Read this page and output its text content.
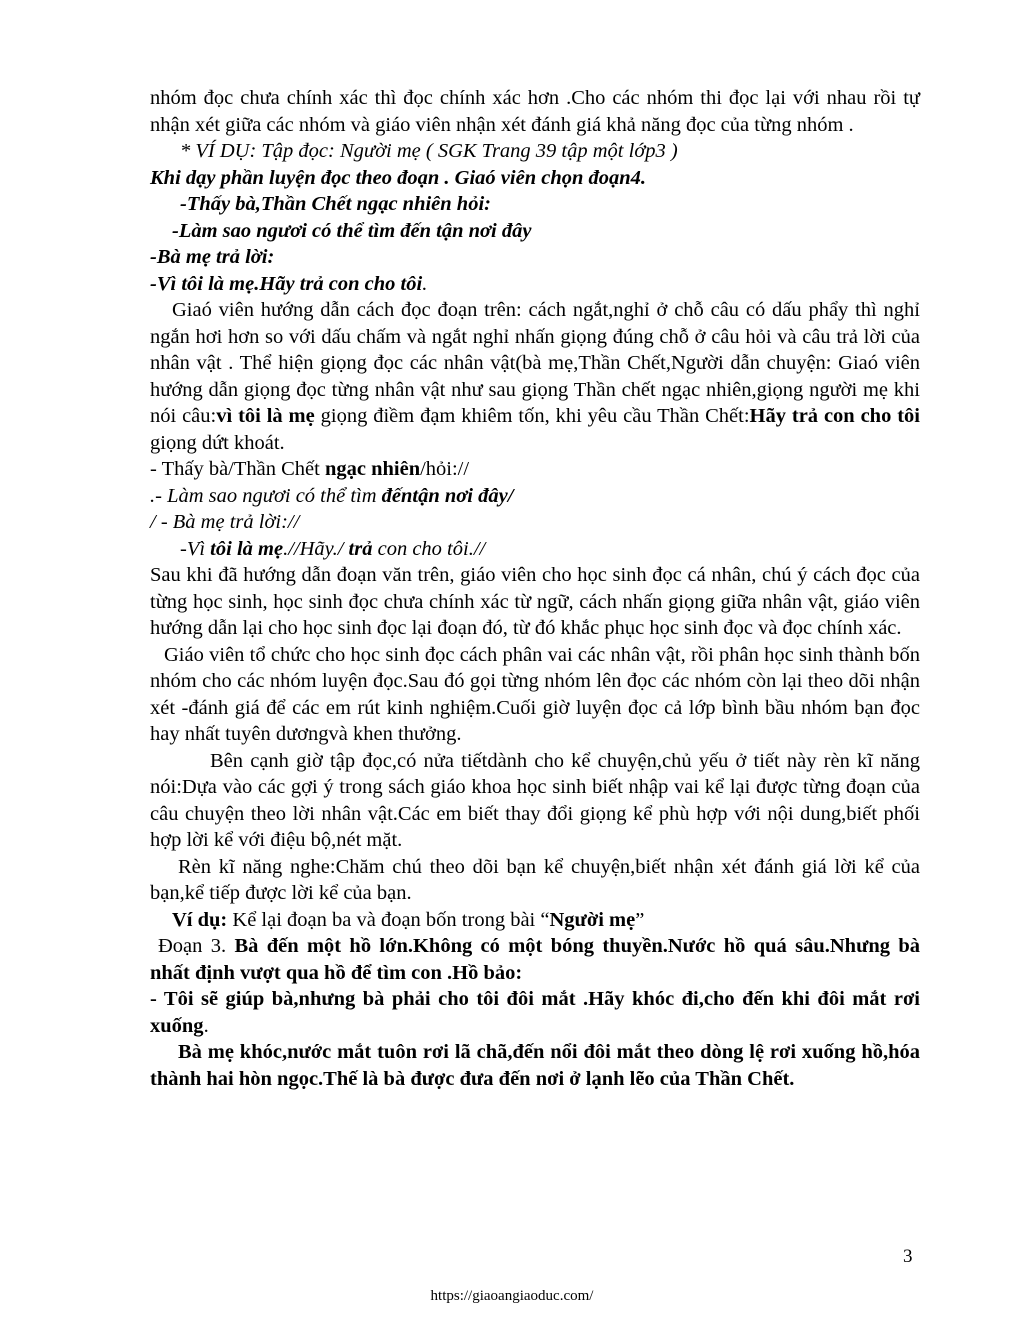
nhóm đọc chưa chính xác thì đọc chính xác hơn .Cho các nhóm thi đọc lại với nhau rồi tự nhận xét giữa các nhóm và giáo viên nhận xét đánh giá khả năng đọc của từng nhóm .

* VÍ DỤ: Tập đọc: Người mẹ ( SGK Trang 39 tập một lớp3 )

Khi dạy phần luyện đọc theo đoạn . Giaó viên chọn đoạn4.

-Thấy bà,Thần Chết ngạc nhiên hỏi:

-Làm sao ngươi có thể tìm đến tận nơi đây

-Bà mẹ trả lời:

-Vì tôi là mẹ.Hãy trả con cho tôi.

Giaó viên hướng dẫn cách đọc đoạn trên: cách ngắt,nghỉ ở chỗ câu có dấu phẩy thì nghỉ ngắn hơi hơn so với dấu chấm và ngắt nghỉ nhấn giọng đúng chỗ ở câu hỏi và câu trả lời của nhân vật . Thể hiện giọng đọc các nhân vật(bà mẹ,Thần Chết,Người dẫn chuyện: Giaó viên hướng dẫn giọng đọc từng nhân vật như sau giọng Thần chết ngạc nhiên,giọng người mẹ khi nói câu:vì tôi là mẹ giọng điềm đạm khiêm tốn, khi yêu cầu Thần Chết:Hãy trả con cho tôi giọng dứt khoát.

- Thấy bà/Thần Chết ngạc nhiên/hỏi://

.- Làm sao ngươi có thể tìm đếntận nơi đây/

/ - Bà mẹ trả lời://

-Vì tôi là mẹ.//Hãy./ trả con cho tôi.//

Sau khi đã hướng dẫn đoạn văn trên, giáo viên cho học sinh đọc cá nhân, chú ý cách đọc của từng học sinh, học sinh đọc chưa chính xác từ ngữ, cách nhấn giọng giữa nhân vật, giáo viên hướng dẫn lại cho học sinh đọc lại đoạn đó, từ đó khắc phục học sinh đọc và đọc chính xác.

Giáo viên tổ chức cho học sinh đọc cách phân vai các nhân vật, rồi phân học sinh thành bốn nhóm cho các nhóm luyện đọc.Sau đó gọi từng nhóm lên đọc các nhóm còn lại theo dõi nhận xét -đánh giá để các em rút kinh nghiệm.Cuối giờ luyện đọc cả lớp bình bầu nhóm bạn đọc hay nhất tuyên dươngvà khen thưởng.

Bên cạnh giờ tập đọc,có nửa tiếtdành cho kể chuyện,chủ yếu ở tiết này rèn kĩ năng nói:Dựa vào các gợi ý trong sách giáo khoa học sinh biết nhập vai kể lại được từng đoạn của câu chuyện theo lời nhân vật.Các em biết thay đổi giọng kể phù hợp với nội dung,biết phối hợp lời kể với điệu bộ,nét mặt.

Rèn kĩ năng nghe:Chăm chú theo dõi bạn kể chuyện,biết nhận xét đánh giá lời kể của bạn,kể tiếp được lời kể của bạn.

Ví dụ: Kể lại đoạn ba và đoạn bốn trong bài “Người mẹ”

Đoạn 3. Bà đến một hồ lớn.Không có một bóng thuyền.Nước hồ quá sâu.Nhưng bà nhất định vượt qua hồ để tìm con .Hồ bảo:

- Tôi sẽ giúp bà,nhưng bà phải cho tôi đôi mắt .Hãy khóc đi,cho đến khi đôi mắt rơi xuống.

Bà mẹ khóc,nước mắt tuôn rơi lã chã,đến nổi đôi mắt theo dòng lệ rơi xuống hồ,hóa thành hai hòn ngọc.Thế là bà được đưa đến nơi ở lạnh lẽo của Thần Chết.

3
https://giaoangiaoduc.com/
